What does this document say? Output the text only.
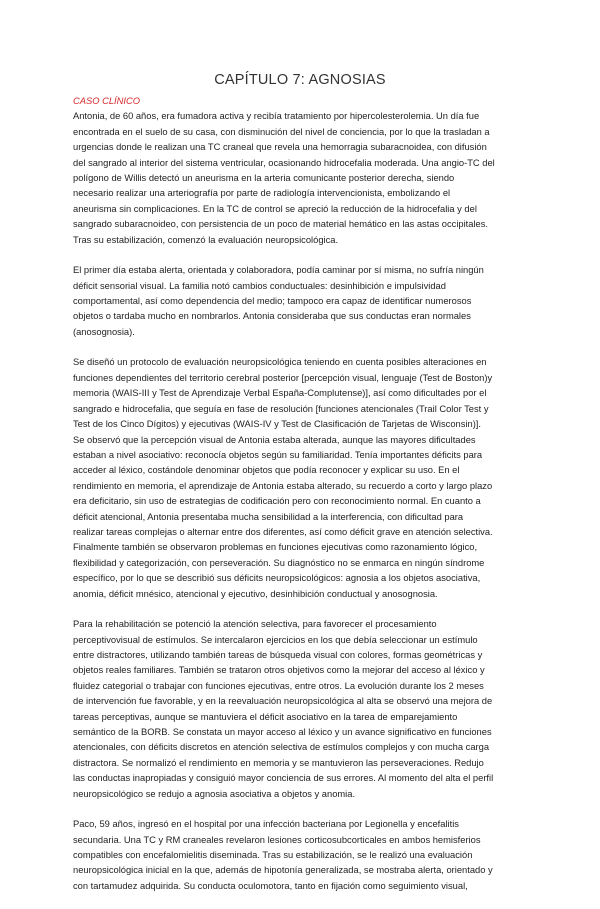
CAPÍTULO 7: AGNOSIAS

CASO CLÍNICO

Antonia, de 60 años, era fumadora activa y recibía tratamiento por hipercolesterolemia. Un día fue
encontrada en el suelo de su casa, con disminución del nivel de conciencia, por lo que la trasladan a
urgencias donde le realizan una TC craneal que revela una hemorragia subaracnoidea, con difusión
del sangrado al interior del sistema ventricular, ocasionando hidrocefalia moderada. Una angio-TC del
polígono de Willis detectó un aneurisma en la arteria comunicante posterior derecha, siendo
necesario realizar una arteriografía por parte de radiología intervencionista, embolizando el
aneurisma sin complicaciones. En la TC de control se apreció la reducción de la hidrocefalia y del
sangrado subaracnoideo, con persistencia de un poco de material hemático en las astas occipitales.
Tras su estabilización, comenzó la evaluación neuropsicológica.

El primer día estaba alerta, orientada y colaboradora, podía caminar por sí misma, no sufría ningún
déficit sensorial visual. La familia notó cambios conductuales: desinhibición e impulsividad
comportamental, así como dependencia del medio; tampoco era capaz de identificar numerosos
objetos o tardaba mucho en nombrarlos. Antonia consideraba que sus conductas eran normales
(anosognosia).

Se diseñó un protocolo de evaluación neuropsicológica teniendo en cuenta posibles alteraciones en
funciones dependientes del territorio cerebral posterior [percepción visual, lenguaje (Test de Boston)y
memoria (WAIS-III y Test de Aprendizaje Verbal España-Complutense)], así como dificultades por el
sangrado e hidrocefalia, que seguía en fase de resolución [funciones atencionales (Trail Color Test y
Test de los Cinco Dígitos) y ejecutivas (WAIS-IV y Test de Clasificación de Tarjetas de Wisconsin)].
Se observó que la percepción visual de Antonia estaba alterada, aunque las mayores dificultades
estaban a nivel asociativo: reconocía objetos según su familiaridad. Tenía importantes déficits para
acceder al léxico, costándole denominar objetos que podía reconocer y explicar su uso. En el
rendimiento en memoria, el aprendizaje de Antonia estaba alterado, su recuerdo a corto y largo plazo
era deficitario, sin uso de estrategias de codificación pero con reconocimiento normal. En cuanto a
déficit atencional, Antonia presentaba mucha sensibilidad a la interferencia, con dificultad para
realizar tareas complejas o alternar entre dos diferentes, así como déficit grave en atención selectiva.
Finalmente también se observaron problemas en funciones ejecutivas como razonamiento lógico,
flexibilidad y categorización, con perseveración. Su diagnóstico no se enmarca en ningún síndrome
específico, por lo que se describió sus déficits neuropsicológicos: agnosia a los objetos asociativa,
anomia, déficit mnésico, atencional y ejecutivo, desinhibición conductual y anosognosia.

Para la rehabilitación se potenció la atención selectiva, para favorecer el procesamiento
perceptivovisual de estímulos. Se intercalaron ejercicios en los que debía seleccionar un estímulo
entre distractores, utilizando también tareas de búsqueda visual con colores, formas geométricas y
objetos reales familiares. También se trataron otros objetivos como la mejorar del acceso al léxico y
fluidez categorial o trabajar con funciones ejecutivas, entre otros. La evolución durante los 2 meses
de intervención fue favorable, y en la reevaluación neuropsicológica al alta se observó una mejora de
tareas perceptivas, aunque se mantuviera el déficit asociativo en la tarea de emparejamiento
semántico de la BORB. Se constata un mayor acceso al léxico y un avance significativo en funciones
atencionales, con déficits discretos en atención selectiva de estímulos complejos y con mucha carga
distractora. Se normalizó el rendimiento en memoria y se mantuvieron las perseveraciones. Redujo
las conductas inapropiadas y consiguió mayor conciencia de sus errores. Al momento del alta el perfil
neuropsicológico se redujo a agnosia asociativa a objetos y anomia.

Paco, 59 años, ingresó en el hospital por una infección bacteriana por Legionella y encefalitis
secundaria. Una TC y RM craneales revelaron lesiones corticosubcorticales en ambos hemisferios
compatibles con encefalomielitis diseminada. Tras su estabilización, se le realizó una evaluación
neuropsicológica inicial en la que, además de hipotonía generalizada, se mostraba alerta, orientado y
con tartamudez adquirida. Su conducta oculomotora, tanto en fijación como seguimiento visual,
